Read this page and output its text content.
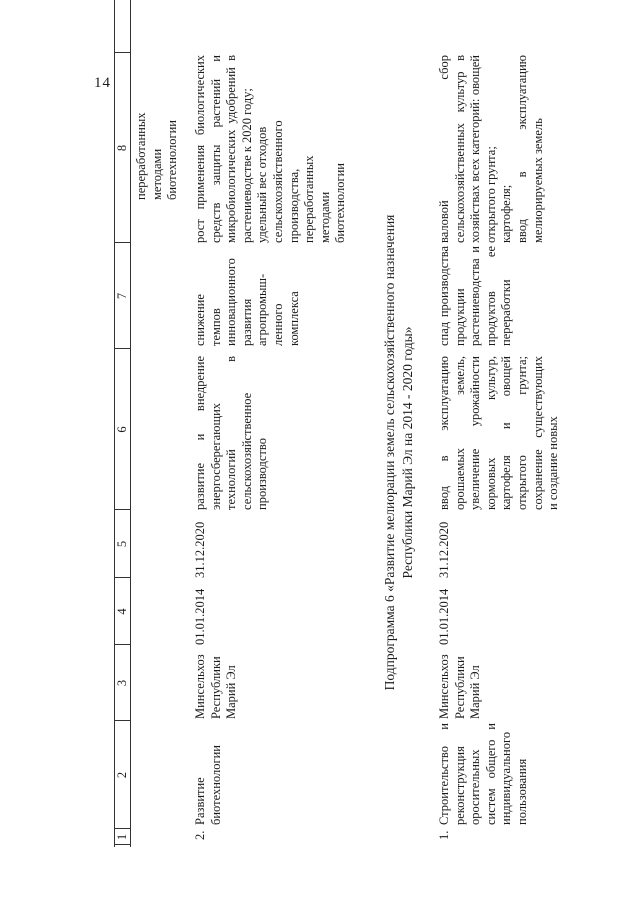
14
1
2
3
4
5
6
7
8 переработанных
методами
биотехнологии
2.
Развитие
биотехнологии
Минсельхоз
Республики
Марий Эл
01.01.2014
31.12.2020
развитие и внедрение энергосберегающих технологий в сельскохозяйственное производство
снижение
темпов
инновационного
развития
агропромыш-
ленного
комплекса
рост применения биологических средств защиты растений и микробиологических удобрений в растениеводстве к 2020 году;
удельный вес отходов
сельскохозяйственного
производства,
переработанных
методами
биотехнологии
Подпрограмма 6 «Развитие мелиорации земель сельскохозяйственного назначения
Республики Марий Эл на 2014 - 2020 годы»
1.
Строительство и реконструкция оросительных систем общего и индивидуального пользования
Минсельхоз
Республики
Марий Эл
01.01.2014
31.12.2020
ввод в эксплуатацию орошаемых земель, увеличение урожайности кормовых культур, картофеля и овощей открытого грунта; сохранение существующих и создание новых
спад производства продукции растениеводства и продуктов ее переработки
валовой сбор сельскохозяйственных культур в хозяйствах всех категорий: овощей открытого грунта;
картофеля;
ввод в эксплуатацию мелиорируемых земель
